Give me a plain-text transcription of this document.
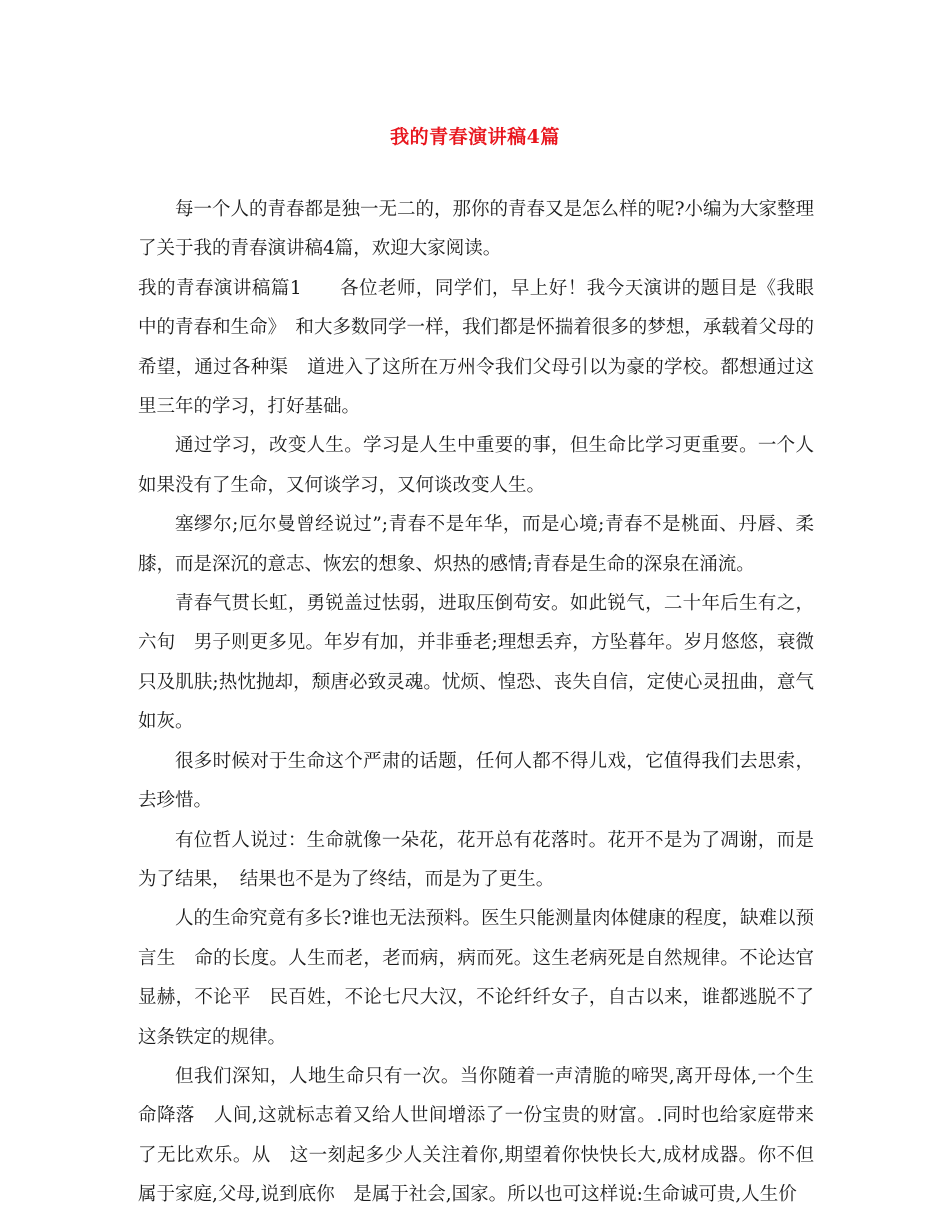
我的青春演讲稿4篇

每一个人的青春都是独一无二的，那你的青春又是怎么样的呢?小编为大家整理了关于我的青春演讲稿4篇，欢迎大家阅读。

我的青春演讲稿篇1　　各位老师，同学们，早上好！我今天演讲的题目是《我眼中的青春和生命》　和大多数同学一样，我们都是怀揣着很多的梦想，承载着父母的希望，通过各种渠　道进入了这所在万州令我们父母引以为豪的学校。都想通过这里三年的学习，打好基础。

通过学习，改变人生。学习是人生中重要的事，但生命比学习更重要。一个人如果没有了生命，又何谈学习，又何谈改变人生。

塞缪尔;厄尔曼曾经说过”;青春不是年华，而是心境;青春不是桃面、丹唇、柔膝，而是深沉的意志、恢宏的想象、炽热的感情;青春是生命的深泉在涌流。

青春气贯长虹，勇锐盖过怯弱，进取压倒苟安。如此锐气，二十年后生有之，六旬　男子则更多见。年岁有加，并非垂老;理想丢弃，方坠暮年。岁月悠悠，衰微只及肌肤;热忱抛却，颓唐必致灵魂。忧烦、惶恐、丧失自信，定使心灵扭曲，意气如灰。

很多时候对于生命这个严肃的话题，任何人都不得儿戏，它值得我们去思索，去珍惜。

有位哲人说过：生命就像一朵花，花开总有花落时。花开不是为了凋谢，而是为了结果，　结果也不是为了终结，而是为了更生。

人的生命究竟有多长?谁也无法预料。医生只能测量肉体健康的程度，缺难以预言生　命的长度。人生而老，老而病，病而死。这生老病死是自然规律。不论达官显赫，不论平　民百姓，不论七尺大汉，不论纤纤女子，自古以来，谁都逃脱不了这条铁定的规律。

但我们深知，人地生命只有一次。当你随着一声清脆的啼哭,离开母体,一个生命降落　人间,这就标志着又给人世间增添了一份宝贵的财富。.同时也给家庭带来了无比欢乐。从　这一刻起多少人关注着你,期望着你快快长大,成材成器。你不但属于家庭,父母,说到底你　是属于社会,国家。所以也可这样说:生命诚可贵,人生价
